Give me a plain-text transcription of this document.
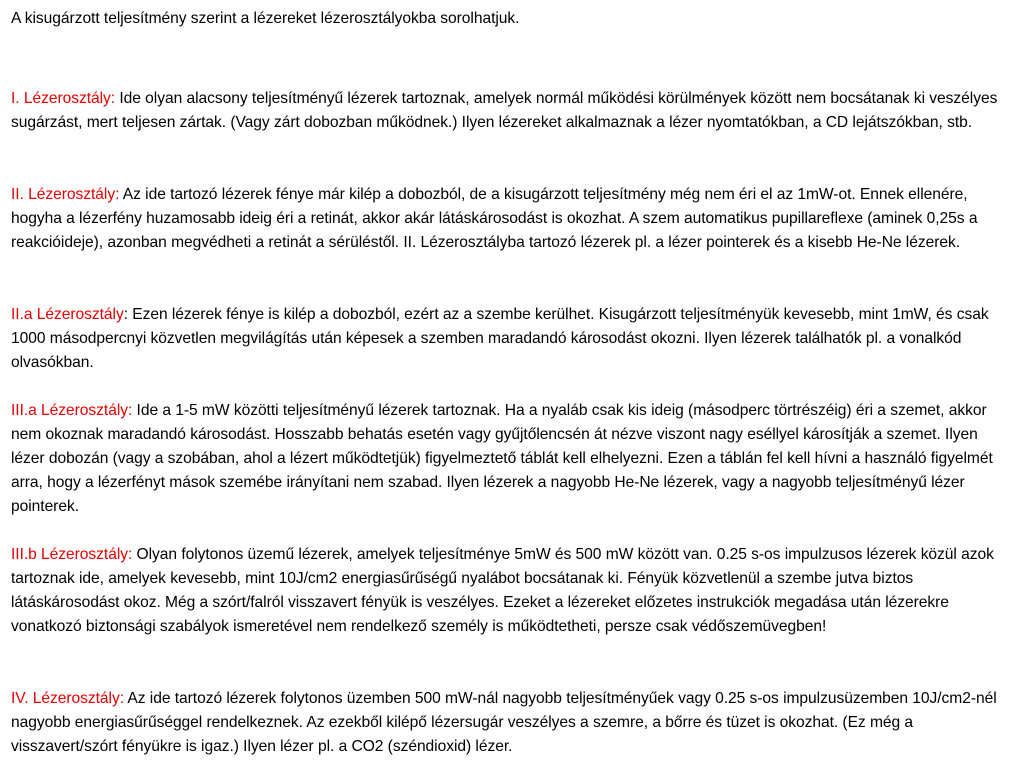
A kisugárzott teljesítmény szerint a lézereket lézerosztályokba sorolhatjuk.

I. Lézerosztály: Ide olyan alacsony teljesítményű lézerek tartoznak, amelyek normál működési körülmények között nem bocsátanak ki veszélyes sugárzást, mert teljesen zártak. (Vagy zárt dobozban működnek.) Ilyen lézereket alkalmaznak a lézer nyomtatókban, a CD lejátszókban, stb.

II. Lézerosztály: Az ide tartozó lézerek fénye már kilép a dobozból, de a kisugárzott teljesítmény még nem éri el az 1mW-ot. Ennek ellenére, hogyha a lézerfény huzamosabb ideig éri a retinát, akkor akár látáskárosodást is okozhat. A szem automatikus pupillareflexe (aminek 0,25s a reakcióideje), azonban megvédheti a retinát a sérüléstől. II. Lézerosztályba tartozó lézerek pl. a lézer pointerek és a kisebb He-Ne lézerek.

II.a Lézerosztály: Ezen lézerek fénye is kilép a dobozból, ezért az a szembe kerülhet. Kisugárzott teljesítményük kevesebb, mint 1mW, és csak 1000 másodpercnyi közvetlen megvilágítás után képesek a szemben maradandó károsodást okozni. Ilyen lézerek találhatók pl. a vonalkód olvasókban.

III.a Lézerosztály: Ide a 1-5 mW közötti teljesítményű lézerek tartoznak. Ha a nyaláb csak kis ideig (másodperc törtrészéig) éri a szemet, akkor nem okoznak maradandó károsodást. Hosszabb behatás esetén vagy gyűjtőlencsén át nézve viszont nagy eséllyel károsítják a szemet. Ilyen lézer dobozán (vagy a szobában, ahol a lézert működtetjük) figyelmeztető táblát kell elhelyezni. Ezen a táblán fel kell hívni a használó figyelmét arra, hogy a lézerfényt mások szemébe irányítani nem szabad. Ilyen lézerek a nagyobb He-Ne lézerek, vagy a nagyobb teljesítményű lézer pointerek.

III.b Lézerosztály: Olyan folytonos üzemű lézerek, amelyek teljesítménye 5mW és 500 mW között van. 0.25 s-os impulzusos lézerek közül azok tartoznak ide, amelyek kevesebb, mint 10J/cm2 energiasűrűségű nyalábot bocsátanak ki. Fényük közvetlenül a szembe jutva biztos látáskárosodást okoz. Még a szórt/falról visszavert fényük is veszélyes. Ezeket a lézereket előzetes instrukciók megadása után lézerekre vonatkozó biztonsági szabályok ismeretével nem rendelkező személy is működtetheti, persze csak védőszemüvegben!

IV. Lézerosztály: Az ide tartozó lézerek folytonos üzemben 500 mW-nál nagyobb teljesítményűek vagy 0.25 s-os impulzusüzemben 10J/cm2-nél nagyobb energiasűrűséggel rendelkeznek. Az ezekből kilépő lézersugár veszélyes a szemre, a bőrre és tüzet is okozhat. (Ez még a visszavert/szórt fényükre is igaz.) Ilyen lézer pl. a CO2 (széndioxid) lézer.
